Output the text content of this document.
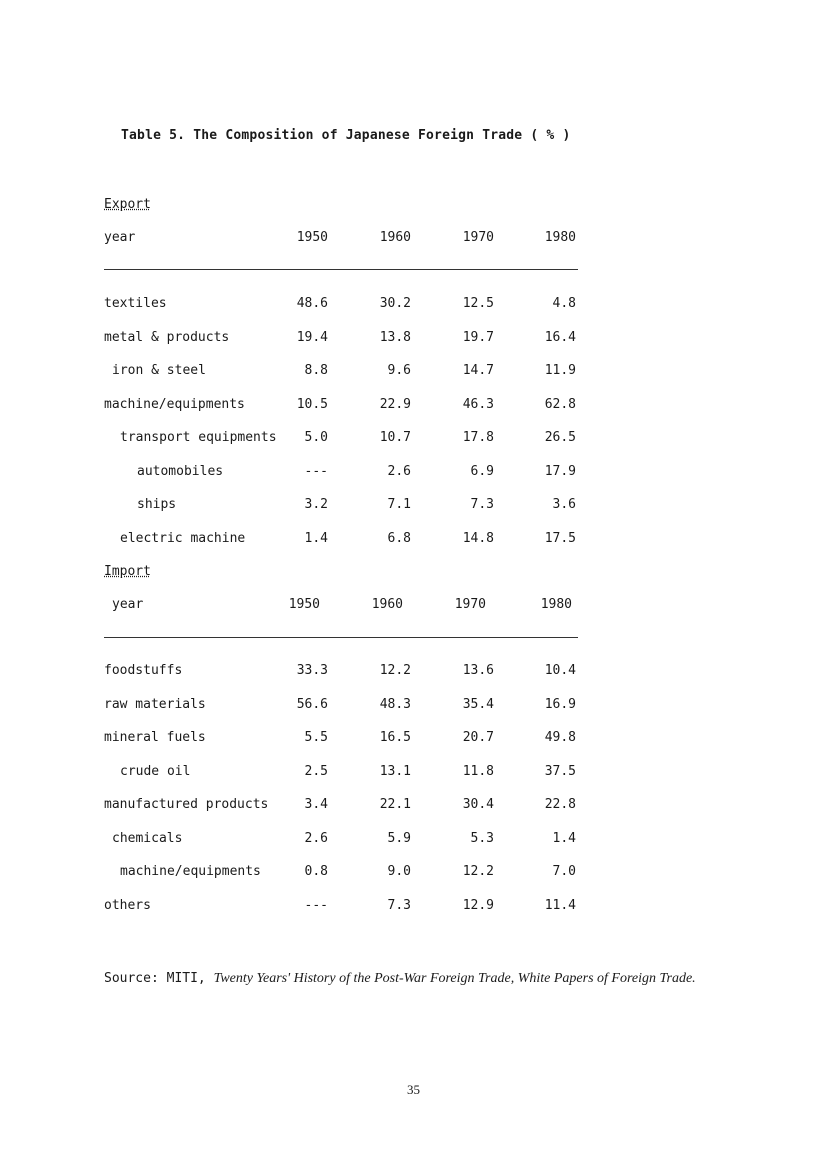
Table 5. The Composition of Japanese Foreign Trade ( % )
Export
year	1950	1960	1970	1980
textiles	48.6	30.2	12.5	4.8
metal & products	19.4	13.8	19.7	16.4
iron & steel	8.8	9.6	14.7	11.9
machine/equipments	10.5	22.9	46.3	62.8
transport equipments 5.0	10.7	17.8	26.5
automobiles	---	2.6	6.9	17.9
ships	3.2	7.1	7.3	3.6
electric machine	1.4	6.8	14.8	17.5
Import
year	1950	1960	1970	1980
foodstuffs	33.3	12.2	13.6	10.4
raw materials	56.6	48.3	35.4	16.9
mineral fuels	5.5	16.5	20.7	49.8
crude oil	2.5	13.1	11.8	37.5
manufactured products	3.4	22.1	30.4	22.8
chemicals	2.6	5.9	5.3	1.4
machine/equipments	0.8	9.0	12.2	7.0
others	---	7.3	12.9	11.4
Source: MITI, Twenty Years' History of the Post-War Foreign Trade, White Papers of Foreign Trade.
35
